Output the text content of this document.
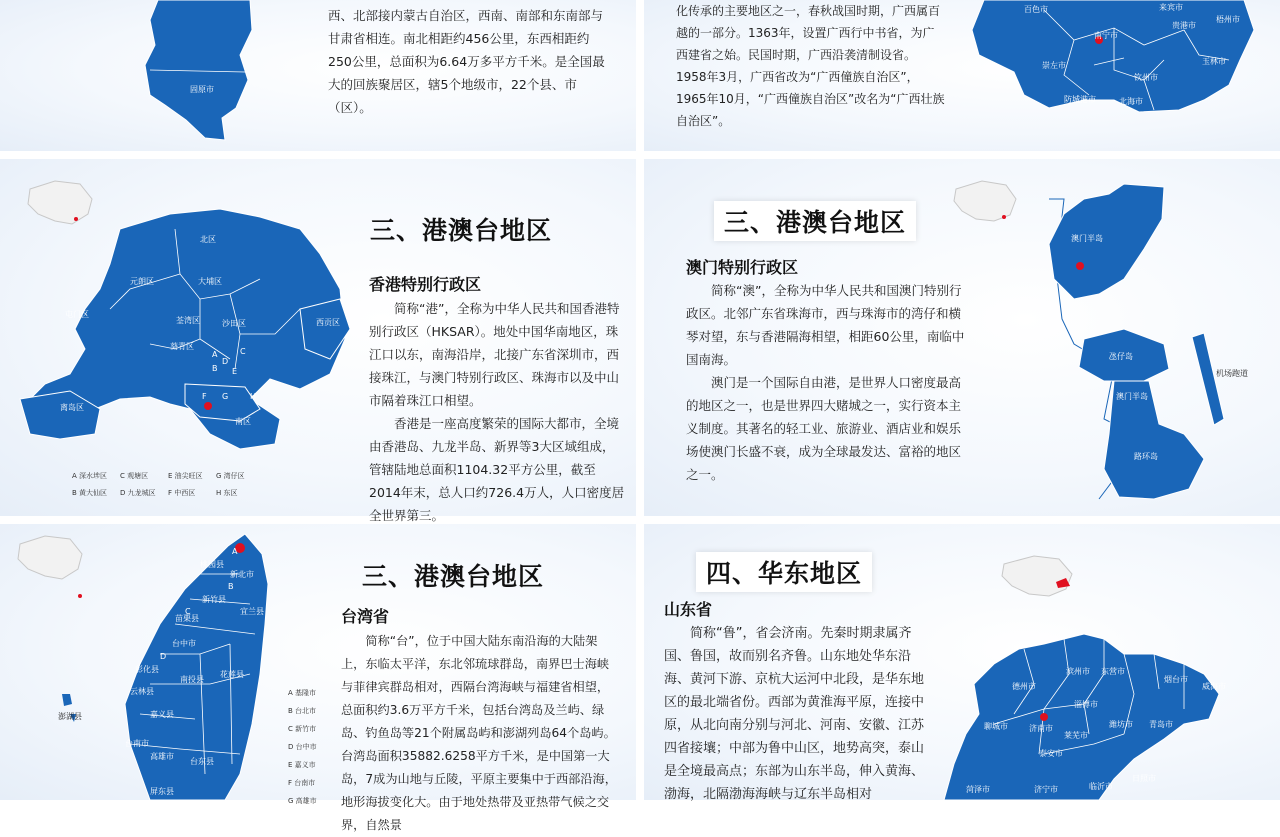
固原市

西、北部接内蒙古自治区，西南、南部和东南部与甘肃省相连。南北相距约456公里，东西相距约250公里，总面积为6.64万多平方千米。是全国最大的回族聚居区，辖5个地级市，22个县、市（区）。

化传承的主要地区之一，春秋战国时期，广西属百越的一部分。1363年，设置广西行中书省，为广西建省之始。民国时期，广西沿袭清制设省。1958年3月，广西省改为“广西僮族自治区”，1965年10月，“广西僮族自治区”改名为“广西壮族自治区”。

百色市	来宾市
贵港市
梧州市
南宁市
崇左市	玉林市
钦州市
防城港市	北海市
北区
元朗区	大埔区
屯门区
荃湾区	沙田区	西贡区
葵青区
离岛区
南区
A
B
C
D
E
F G	H
A 深水埗区 C 观塘区	E 油尖旺区 G 湾仔区
B 黄大仙区 D 九龙城区 F 中西区	H 东区
三、港澳台地区
香港特别行政区

简称“港”，全称为中华人民共和国香港特别行政区（HKSAR）。地处中国华南地区，珠江口以东，南海沿岸，北接广东省深圳市，西接珠江，与澳门特别行政区、珠海市以及中山市隔着珠江口相望。

香港是一座高度繁荣的国际大都市，全境由香港岛、九龙半岛、新界等3大区域组成，管辖陆地总面积1104.32平方公里，截至2014年末，总人口约726.4万人，人口密度居全世界第三。

澳门半岛
氹仔岛
澳门半岛
路环岛
机场跑道
三、港澳台地区
澳门特别行政区

简称“澳”，全称为中华人民共和国澳门特别行政区。北邻广东省珠海市，西与珠海市的湾仔和横琴对望，东与香港隔海相望，相距60公里，南临中国南海。

澳门是一个国际自由港，是世界人口密度最高的地区之一，也是世界四大赌城之一，实行资本主义制度。其著名的轻工业、旅游业、酒店业和娱乐场使澳门长盛不衰，成为全球最发达、富裕的地区之一。

桃园县
新北市
新竹县
宜兰县
苗栗县
台中市
彰化县
南投县
花莲县
云林县
嘉义县
台南市
高雄市
台东县
屏东县
澎湖县
A
B
C
D
A 基隆市
B 台北市
C 新竹市
D 台中市
E 嘉义市
F 台南市
G 高雄市
三、港澳台地区
台湾省

简称“台”，位于中国大陆东南沿海的大陆架上，东临太平洋，东北邻琉球群岛，南界巴士海峡与菲律宾群岛相对，西隔台湾海峡与福建省相望，总面积约3.6万平方千米，包括台湾岛及兰屿、绿岛、钓鱼岛等21个附属岛屿和澎湖列岛64个岛屿。台湾岛面积35882.6258平方千米，是中国第一大岛，7成为山地与丘陵，平原主要集中于西部沿海，地形海拔变化大。由于地处热带及亚热带气候之交界，自然景

滨州市 东营市
德州市
烟台市
威海市
淄博市
潍坊市 青岛市
聊城市	济南市
莱芜市
泰安市
日照市
菏泽市	济宁市	临沂市
四、华东地区
山东省

简称“鲁”，省会济南。先秦时期隶属齐国、鲁国，故而别名齐鲁。山东地处华东沿海、黄河下游、京杭大运河中北段，是华东地区的最北端省份。西部为黄淮海平原，连接中原，从北向南分别与河北、河南、安徽、江苏四省接壤；中部为鲁中山区，地势高突，泰山是全境最高点；东部为山东半岛，伸入黄海、渤海，北隔渤海海峡与辽东半岛相对
